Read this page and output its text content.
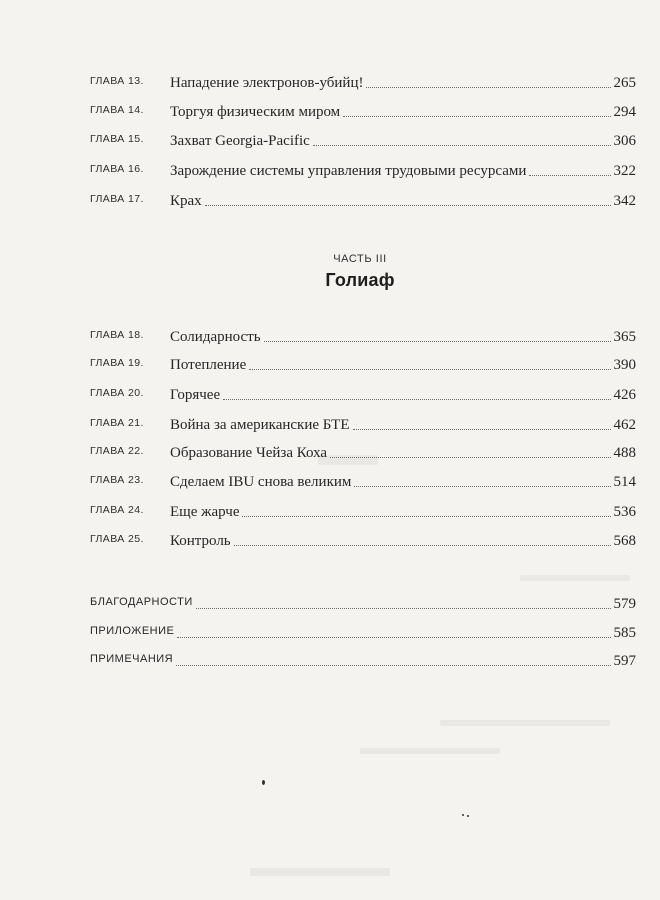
ГЛАВА 13.	Нападение электронов-убийц!	265
ГЛАВА 14.	Торгуя физическим миром	294
ГЛАВА 15.	Захват Georgia-Pacific	306
ГЛАВА 16.	Зарождение системы управления трудовыми ресурсами	322
ГЛАВА 17.	Крах	342
ЧАСТЬ III
Голиаф
ГЛАВА 18.	Солидарность	365
ГЛАВА 19.	Потепление	390
ГЛАВА 20.	Горячее	426
ГЛАВА 21.	Война за американские БТЕ	462
ГЛАВА 22.	Образование Чейза Коха	488
ГЛАВА 23.	Сделаем IBU снова великим	514
ГЛАВА 24.	Еще жарче	536
ГЛАВА 25.	Контроль	568
БЛАГОДАРНОСТИ	579
ПРИЛОЖЕНИЕ	585
ПРИМЕЧАНИЯ	597
